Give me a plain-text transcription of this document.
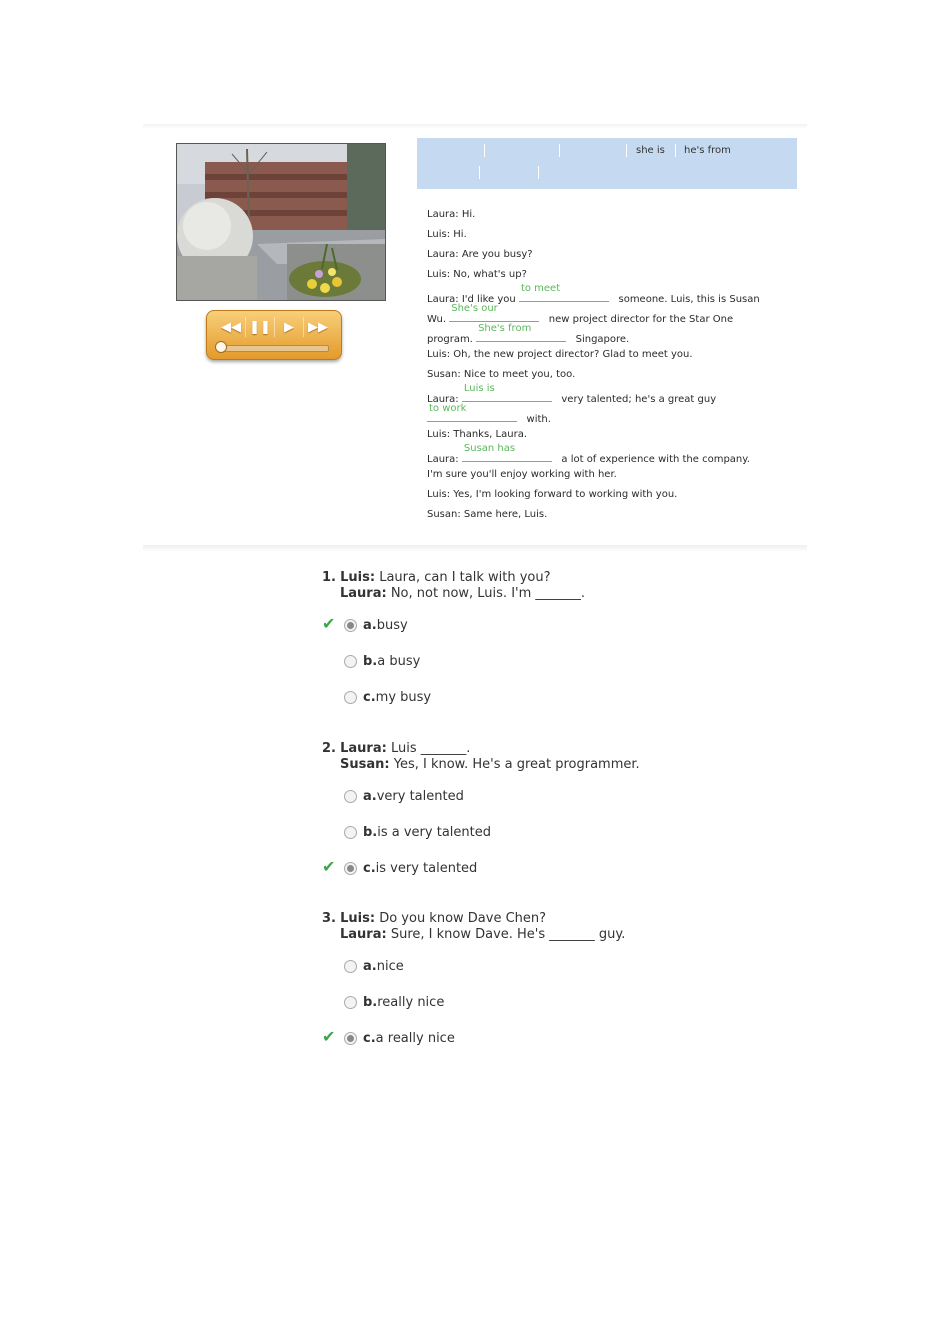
◀◀ ❚❚	▶	▶▶
she is he's from
Laura: Hi.
Luis: Hi.
Laura: Are you busy?
Luis: No, what's up?
Laura: I'd like you
to meet
someone. Luis, this is Susan
Wu.
She's our
new project director for the Star One
program.
She's from
Singapore.
Luis: Oh, the new project director? Glad to meet you.
Susan: Nice to meet you, too.
Laura:
Luis is
very talented; he's a great guy
to work
with.
Luis: Thanks, Laura.
Laura:
Susan has
a lot of experience with the company.
I'm sure you'll enjoy working with her.
Luis: Yes, I'm looking forward to working with you.
Susan: Same here, Luis.
1. Luis: Laura, can I talk with you?
Laura: No, not now, Luis. I'm _______.
✔ a. busy
b. a busy
c. my busy
2. Laura: Luis _______.
Susan: Yes, I know. He's a great programmer.
a. very talented
b. is a very talented
✔ c. is very talented
3. Luis: Do you know Dave Chen?
Laura: Sure, I know Dave. He's _______ guy.
a. nice
b. really nice
✔ c. a really nice
